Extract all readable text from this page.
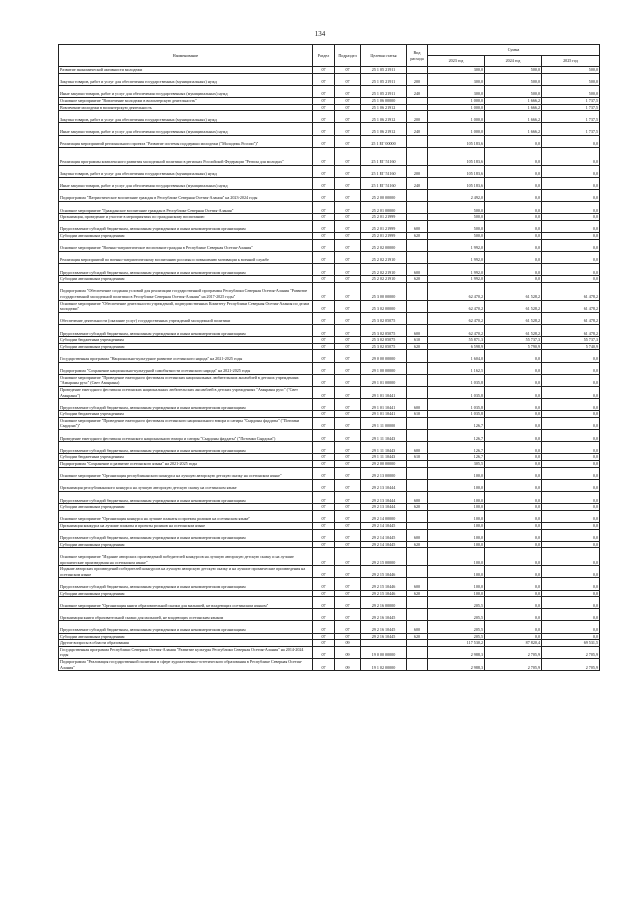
134
Наименование	Раздел	Подраздел	Целевая статья	Вид расхода	Сумма		
					2023 год	2024 год	2025 год
Развитие экономической активности молодежи	07	07	25 1 05 21911		300,0	500,0	500,0
Закупка товаров, работ и услуг для обеспечения государственных (муниципальных) нужд	07	07	25 1 05 21911	200	300,0	500,0	500,0
Иные закупки товаров, работ и услуг для обеспечения государственных (муниципальных) нужд	07	07	25 1 05 21911	240	300,0	500,0	500,0
Основное мероприятие "Вовлечение молодежи в волонтерскую деятельность"	07	07	25 1 06 00000		1 000,0	1 666,2	1 737,5
Вовлечение молодежи в волонтерскую деятельность	07	07	25 1 06 21912		1 000,0	1 666,2	1 737,5
Закупка товаров, работ и услуг для обеспечения государственных (муниципальных) нужд	07	07	25 1 06 21912	200	1 000,0	1 666,2	1 737,5
Иные закупки товаров, работ и услуг для обеспечения государственных (муниципальных) нужд	07	07	25 1 06 21912	240	1 000,0	1 666,2	1 737,5
Реализация мероприятий регионального проекта "Развитие системы поддержки молодежи ("Молодежь России")"	07	07	25 1 EГ 00000		105 183,6	0,0	0,0
Реализация программы комплексного развития молодежной политики в регионах Российской Федерации "Регион для молодых"	07	07	25 1 EГ 51160		105 183,6	0,0	0,0
Закупка товаров, работ и услуг для обеспечения государственных (муниципальных) нужд	07	07	25 1 EГ 51160	200	105 183,6	0,0	0,0
Иные закупки товаров, работ и услуг для обеспечения государственных (муниципальных) нужд	07	07	25 1 EГ 51160	240	105 183,6	0,0	0,0
Подпрограмма "Патриотическое воспитание граждан в Республике Северная Осетия-Алания" на 2023-2024 годы	07	07	25 2 00 00000		2 492,0	0,0	0,0
Основное мероприятие "Гражданское воспитание граждан в Республике Северная Осетия-Алания"	07	07	25 2 01 00000		500,0	0,0	0,0
Организация, проведение и участие в мероприятиях по гражданскому воспитанию	07	07	25 2 01 21999		500,0	0,0	0,0
Предоставление субсидий бюджетным, автономным учреждениям и иным некоммерческим организациям	07	07	25 2 01 21999	600	500,0	0,0	0,0
Субсидии автономным учреждениям	07	07	25 2 01 21999	620	500,0	0,0	0,0
Основное мероприятие "Военно-патриотическое воспитание граждан в Республике Северная Осетия-Алания"	07	07	25 2 02 00000		1 992,0	0,0	0,0
Реализация мероприятий по военно-патриотическому воспитанию россиян и повышению мотивации к военной службе	07	07	25 2 02 21910		1 992,0	0,0	0,0
Предоставление субсидий бюджетным, автономным учреждениям и иным некоммерческим организациям	07	07	25 2 02 21910	600	1 992,0	0,0	0,0
Субсидии автономным учреждениям	07	07	25 2 02 21910	620	1 992,0	0,0	0,0
Подпрограмма "Обеспечение создания условий для реализации государственной программы Республики Северная Осетия-Алания "Развитие государственной молодежной политики в Республике Северная Осетия-Алания" на 2017-2025 годы"	07	07	25 3 00 00000		62 470,2	61 528,2	61 478,2
Основное мероприятие "Обеспечение деятельности учреждений, подведомственных Комитету Республики Северная Осетия-Алания по делам молодежи"	07	07	25 3 02 00000		62 470,2	61 528,2	61 478,2
Обеспечение деятельности (оказание услуг) государственных учреждений молодежной политики	07	07	25 3 02 05075		62 470,2	61 528,2	61 478,2
Предоставление субсидий бюджетным, автономным учреждениям и иным некоммерческим организациям	07	07	25 3 02 05075	600	62 470,2	61 528,2	61 478,2
Субсидии бюджетным учреждениям	07	07	25 3 02 05075	610	55 871,3	55 737,3	55 737,3
Субсидии автономным учреждениям	07	07	25 3 02 05075	620	6 598,9	5 790,9	5 740,9
Государственная программа "Национально-культурное развитие осетинского народа" на 2021-2025 годы	07	07	29 0 00 00000		1 604,0	0,0	0,0
Подпрограмма "Сохранение национально-культурной самобытности осетинского народа" на 2021-2025 годы	07	07	29 1 00 00000		1 162,5	0,0	0,0
Основное мероприятие "Проведение ежегодного фестиваля осетинских национальных любительских ансамблей в детских учреждениях "Амыраны рухс" (Свет Амыраны)	07	07	29 1 01 00000		1 035,8	0,0	0,0
Проведение ежегодного фестиваля осетинских национальных любительских ансамблей в детских учреждениях "Амыраны рухс" ("Свет Амыраны")	07	07	29 1 01 10441		1 035,8	0,0	0,0
Предоставление субсидий бюджетным, автономным учреждениям и иным некоммерческим организациям	07	07	29 1 01 10441	600	1 035,8	0,0	0,0
Субсидии бюджетным учреждениям	07	07	29 1 01 10441	610	1 035,8	0,0	0,0
Основное мероприятие "Проведение ежегодного фестиваля осетинского национального юмора и сатиры "Сырдоны фаддаты" ("Потомки Сырдона")"	07	07	29 1 11 00000		126,7	0,0	0,0
Проведение ежегодного фестиваля осетинского национального юмора и сатиры "Сырдоны фаддаты" ("Потомки Сырдона")	07	07	29 1 11 10443		126,7	0,0	0,0
Предоставление субсидий бюджетным, автономным учреждениям и иным некоммерческим организациям	07	07	29 1 11 10443	600	126,7	0,0	0,0
Субсидии бюджетным учреждениям	07	07	29 1 11 10443	610	126,7	0,0	0,0
Подпрограмма "Сохранение и развитие осетинского языка" на 2021-2025 годы	07	07	29 2 00 00000		305,5	0,0	0,0
Основное мероприятие "Организация республиканского конкурса на лучшую авторскую детскую сказку на осетинском языке"	07	07	29 2 13 00000		100,0	0,0	0,0
Организация республиканского конкурса на лучшую авторскую детскую сказку на осетинском языке	07	07	29 2 13 10444		100,0	0,0	0,0
Предоставление субсидий бюджетным, автономным учреждениям и иным некоммерческим организациям	07	07	29 2 13 10444	600	100,0	0,0	0,0
Субсидии автономным учреждениям	07	07	29 2 13 10444	620	100,0	0,0	0,0
Основное мероприятие "Организация конкурса на лучшие плакаты и проекты роликов на осетинском языке"	07	07	29 2 14 00000		100,0	0,0	0,0
Организация конкурса на лучшие плакаты и проекты роликов на осетинском языке	07	07	29 2 14 10445		100,0	0,0	0,0
Предоставление субсидий бюджетным, автономным учреждениям и иным некоммерческим организациям	07	07	29 2 14 10445	600	100,0	0,0	0,0
Субсидии автономным учреждениям	07	07	29 2 14 10445	620	100,0	0,0	0,0
Основное мероприятие "Издание авторских произведений победителей конкурсов на лучшую авторскую детскую сказку и на лучшие прозаические произведения на осетинском языке"	07	07	29 2 15 00000		100,0	0,0	0,0
Издание авторских произведений победителей конкурсов на лучшую авторскую детскую сказку и на лучшие прозаические произведения на осетинском языке	07	07	29 2 15 10446		100,0	0,0	0,0
Предоставление субсидий бюджетным, автономным учреждениям и иным некоммерческим организациям	07	07	29 2 15 10446	600	100,0	0,0	0,0
Субсидии автономным учреждениям	07	07	29 2 15 10446	620	100,0	0,0	0,0
Основное мероприятие "Организация книги образовательной сказки для малышей, не владеющих осетинским языком"	07	07	29 2 16 00000		205,5	0,0	0,0
Организация книги образовательной сказки для малышей, не владеющих осетинским языком	07	07	29 2 16 10445		205,5	0,0	0,0
Предоставление субсидий бюджетным, автономным учреждениям и иным некоммерческим организациям	07	07	29 2 16 10445	600	205,5	0,0	0,0
Субсидии автономным учреждениям	07	07	29 2 16 10445	620	205,5	0,0	0,0
Другие вопросы в области образования	07	09			117 530,2	87 820,4	69 531,5
Государственная программа Республики Северная Осетия-Алания "Развитие культуры Республики Северная Осетия-Алания" на 2014-2024 годы	07	09	19 0 00 00000		2 988,3	2 705,9	2 705,9
Подпрограмма "Реализация государственной политики в сфере художественно-эстетического образования в Республике Северная Осетия-Алания"	07	09	19 1 02 00000		2 988,3	2 705,9	2 705,9
